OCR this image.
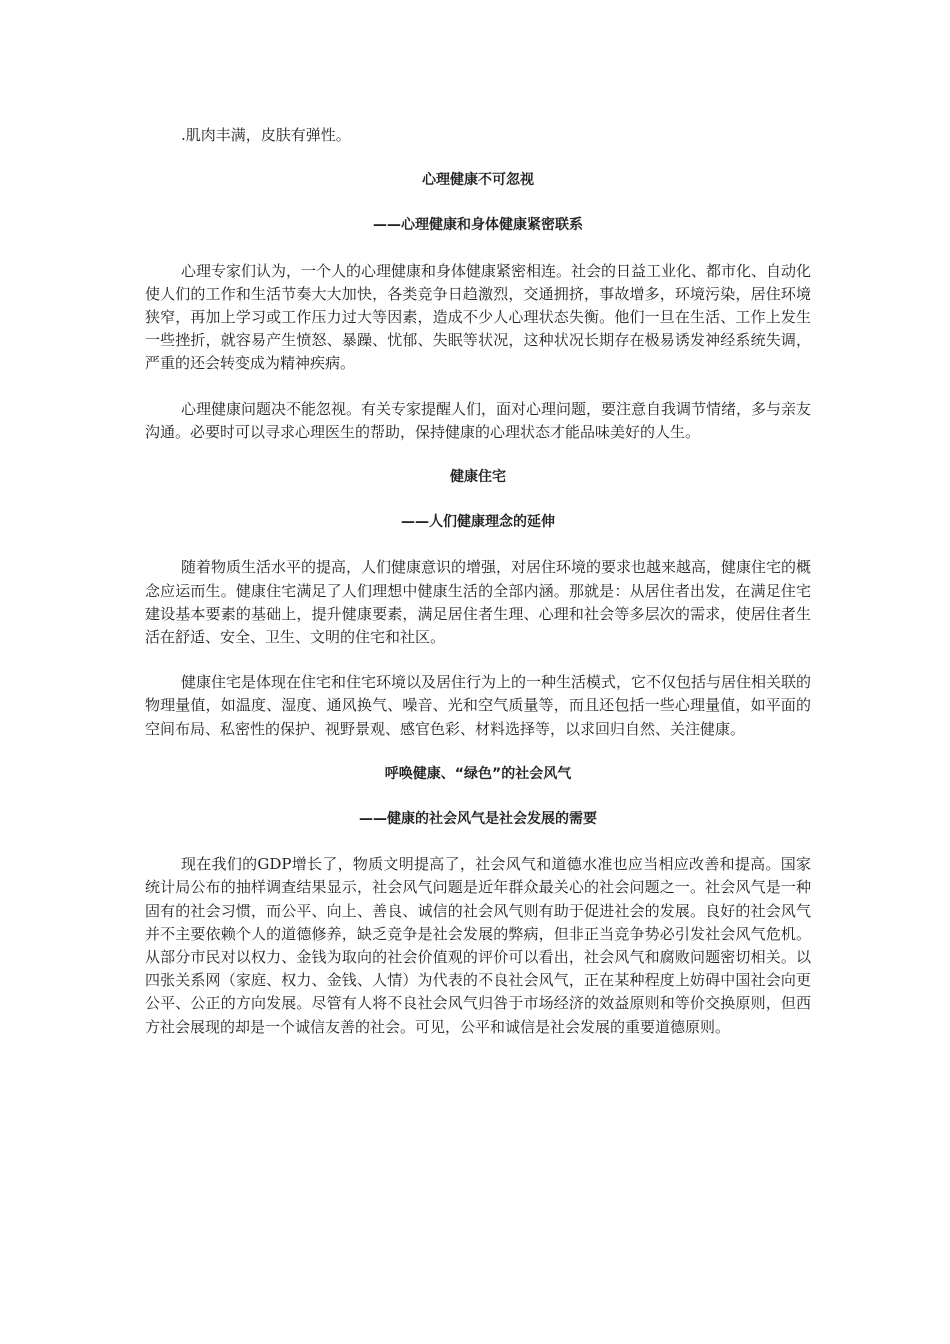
.肌肉丰满，皮肤有弹性。

心理健康不可忽视

——心理健康和身体健康紧密联系

心理专家们认为，一个人的心理健康和身体健康紧密相连。社会的日益工业化、都市化、自动化使人们的工作和生活节奏大大加快，各类竞争日趋激烈，交通拥挤，事故增多，环境污染，居住环境狭窄，再加上学习或工作压力过大等因素，造成不少人心理状态失衡。他们一旦在生活、工作上发生一些挫折，就容易产生愤怒、暴躁、忧郁、失眠等状况，这种状况长期存在极易诱发神经系统失调，严重的还会转变成为精神疾病。

心理健康问题决不能忽视。有关专家提醒人们，面对心理问题，要注意自我调节情绪，多与亲友沟通。必要时可以寻求心理医生的帮助，保持健康的心理状态才能品味美好的人生。

健康住宅

——人们健康理念的延伸

随着物质生活水平的提高，人们健康意识的增强，对居住环境的要求也越来越高，健康住宅的概念应运而生。健康住宅满足了人们理想中健康生活的全部内涵。那就是：从居住者出发，在满足住宅建设基本要素的基础上，提升健康要素，满足居住者生理、心理和社会等多层次的需求，使居住者生活在舒适、安全、卫生、文明的住宅和社区。

健康住宅是体现在住宅和住宅环境以及居住行为上的一种生活模式，它不仅包括与居住相关联的物理量值，如温度、湿度、通风换气、噪音、光和空气质量等，而且还包括一些心理量值，如平面的空间布局、私密性的保护、视野景观、感官色彩、材料选择等，以求回归自然、关注健康。

呼唤健康、“绿色”的社会风气

——健康的社会风气是社会发展的需要

现在我们的GDP增长了，物质文明提高了，社会风气和道德水准也应当相应改善和提高。国家统计局公布的抽样调查结果显示，社会风气问题是近年群众最关心的社会问题之一。社会风气是一种固有的社会习惯，而公平、向上、善良、诚信的社会风气则有助于促进社会的发展。良好的社会风气并不主要依赖个人的道德修养，缺乏竞争是社会发展的弊病，但非正当竞争势必引发社会风气危机。从部分市民对以权力、金钱为取向的社会价值观的评价可以看出，社会风气和腐败问题密切相关。以四张关系网（家庭、权力、金钱、人情）为代表的不良社会风气，正在某种程度上妨碍中国社会向更公平、公正的方向发展。尽管有人将不良社会风气归咎于市场经济的效益原则和等价交换原则，但西方社会展现的却是一个诚信友善的社会。可见，公平和诚信是社会发展的重要道德原则。
